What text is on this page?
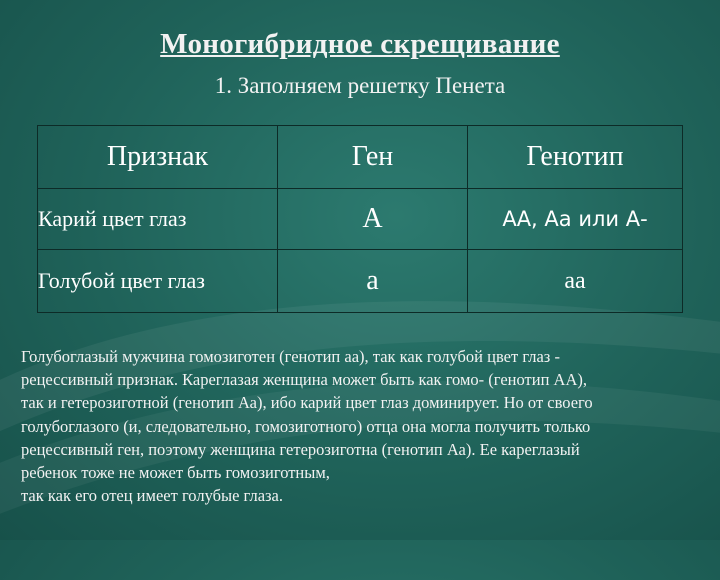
Моногибридное скрещивание
1. Заполняем решетку Пенета
Признак	Ген	Генотип
Карий цвет глаз	А	АА, Аа или А-
Голубой цвет глаз	а	аа
Голубоглазый мужчина гомозиготен (генотип аа), так как голубой цвет глаз -
рецессивный признак. Кареглазая женщина может быть как гомо- (генотип АА),
так и гетерозиготной (генотип Аа), ибо карий цвет глаз доминирует. Но от своего
голубоглазого (и, следовательно, гомозиготного) отца она могла получить только
рецессивный ген, поэтому женщина гетерозиготна (генотип Аа). Ее кареглазый
ребенок тоже не может быть гомозиготным,
так как его отец имеет голубые глаза.
